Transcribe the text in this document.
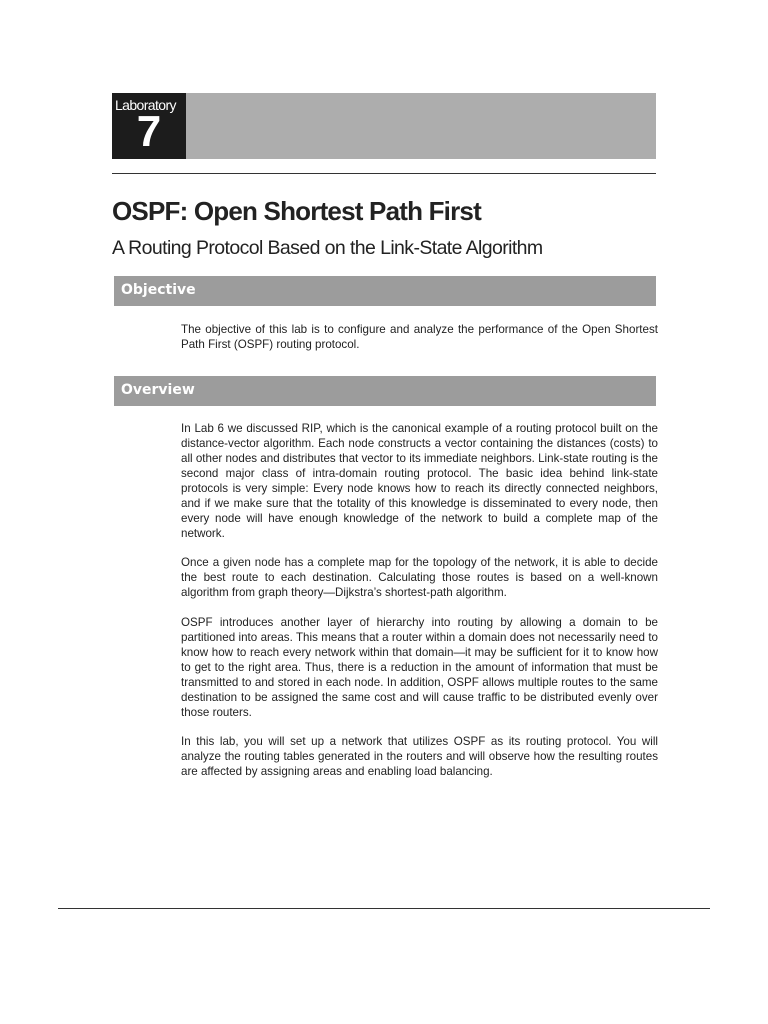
Laboratory
7
OSPF: Open Shortest Path First
A Routing Protocol Based on the Link-State Algorithm
Objective

The objective of this lab is to configure and analyze the performance of the Open Shortest Path First (OSPF) routing protocol.

Overview

In Lab 6 we discussed RIP, which is the canonical example of a routing protocol built on the distance-vector algorithm. Each node constructs a vector containing the distances (costs) to all other nodes and distributes that vector to its immediate neighbors. Link-state routing is the second major class of intra-domain routing protocol. The basic idea behind link-state protocols is very simple: Every node knows how to reach its directly connected neighbors, and if we make sure that the totality of this knowledge is disseminated to every node, then every node will have enough knowledge of the network to build a complete map of the network.

Once a given node has a complete map for the topology of the network, it is able to decide the best route to each destination. Calculating those routes is based on a well-known algorithm from graph theory—Dijkstra’s shortest-path algorithm.

OSPF introduces another layer of hierarchy into routing by allowing a domain to be partitioned into areas. This means that a router within a domain does not necessarily need to know how to reach every network within that domain—it may be sufficient for it to know how to get to the right area. Thus, there is a reduction in the amount of information that must be transmitted to and stored in each node. In addition, OSPF allows multiple routes to the same destination to be assigned the same cost and will cause traffic to be distributed evenly over those routers.

In this lab, you will set up a network that utilizes OSPF as its routing protocol. You will analyze the routing tables generated in the routers and will observe how the resulting routes are affected by assigning areas and enabling load balancing.
